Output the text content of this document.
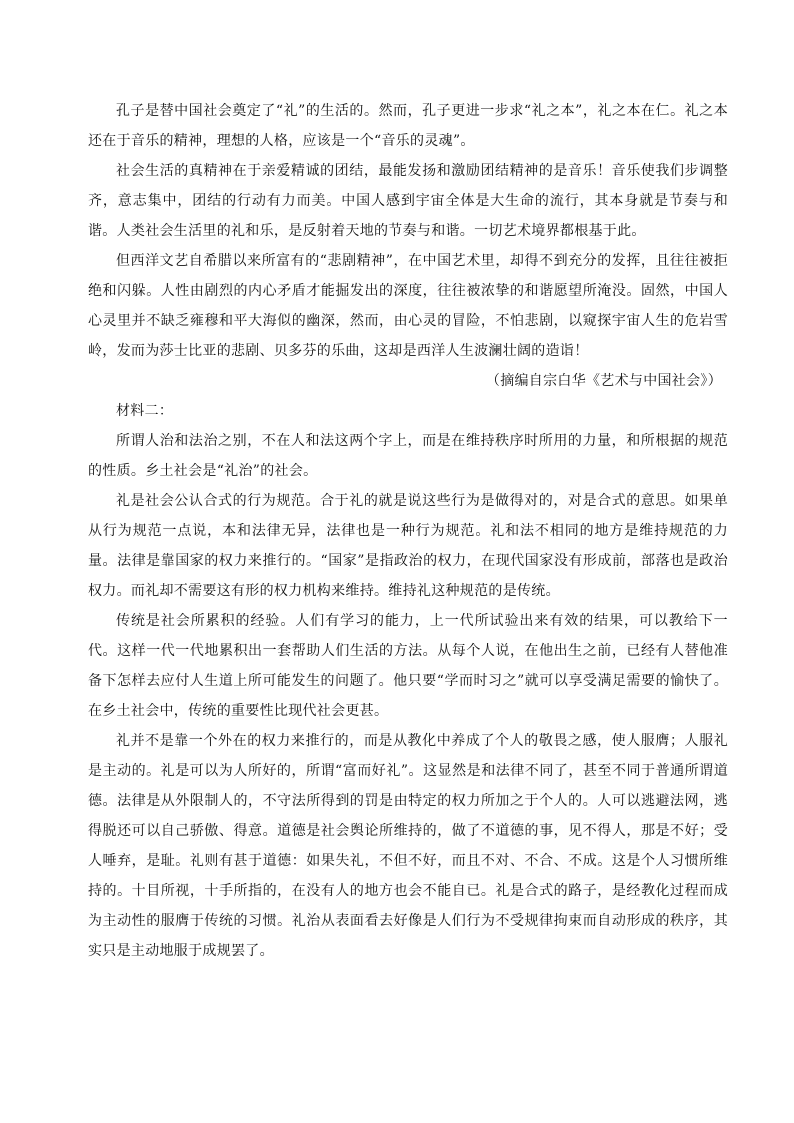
孔子是替中国社会奠定了“礼”的生活的。然而，孔子更进一步求“礼之本”，礼之本在仁。礼之本还在于音乐的精神，理想的人格，应该是一个“音乐的灵魂”。

社会生活的真精神在于亲爱精诚的团结，最能发扬和激励团结精神的是音乐！音乐使我们步调整齐，意志集中，团结的行动有力而美。中国人感到宇宙全体是大生命的流行，其本身就是节奏与和谐。人类社会生活里的礼和乐，是反射着天地的节奏与和谐。一切艺术境界都根基于此。

但西洋文艺自希腊以来所富有的“悲剧精神”，在中国艺术里，却得不到充分的发挥，且往往被拒绝和闪躲。人性由剧烈的内心矛盾才能掘发出的深度，往往被浓挚的和谐愿望所淹没。固然，中国人心灵里并不缺乏雍穆和平大海似的幽深，然而，由心灵的冒险，不怕悲剧，以窥探宇宙人生的危岩雪岭，发而为莎士比亚的悲剧、贝多芬的乐曲，这却是西洋人生波澜壮阔的造诣！

（摘编自宗白华《艺术与中国社会》）

材料二：

所谓人治和法治之别，不在人和法这两个字上，而是在维持秩序时所用的力量，和所根据的规范的性质。乡土社会是“礼治”的社会。

礼是社会公认合式的行为规范。合于礼的就是说这些行为是做得对的，对是合式的意思。如果单从行为规范一点说，本和法律无异，法律也是一种行为规范。礼和法不相同的地方是维持规范的力量。法律是靠国家的权力来推行的。“国家”是指政治的权力，在现代国家没有形成前，部落也是政治权力。而礼却不需要这有形的权力机构来维持。维持礼这种规范的是传统。

传统是社会所累积的经验。人们有学习的能力，上一代所试验出来有效的结果，可以教给下一代。这样一代一代地累积出一套帮助人们生活的方法。从每个人说，在他出生之前，已经有人替他准备下怎样去应付人生道上所可能发生的问题了。他只要“学而时习之”就可以享受满足需要的愉快了。在乡土社会中，传统的重要性比现代社会更甚。

礼并不是靠一个外在的权力来推行的，而是从教化中养成了个人的敬畏之感，使人服膺；人服礼是主动的。礼是可以为人所好的，所谓“富而好礼”。这显然是和法律不同了，甚至不同于普通所谓道德。法律是从外限制人的，不守法所得到的罚是由特定的权力所加之于个人的。人可以逃避法网，逃得脱还可以自己骄傲、得意。道德是社会舆论所维持的，做了不道德的事，见不得人，那是不好；受人唾弃，是耻。礼则有甚于道德：如果失礼，不但不好，而且不对、不合、不成。这是个人习惯所维持的。十目所视，十手所指的，在没有人的地方也会不能自已。礼是合式的路子，是经教化过程而成为主动性的服膺于传统的习惯。礼治从表面看去好像是人们行为不受规律拘束而自动形成的秩序，其实只是主动地服于成规罢了。
